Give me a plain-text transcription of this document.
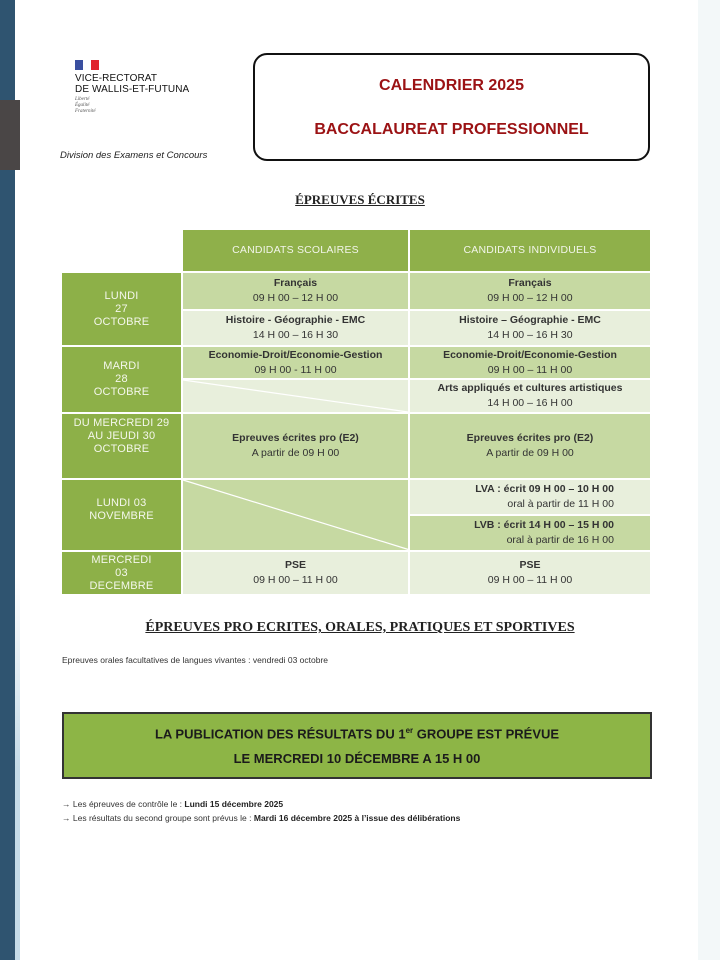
VICE-RECTORAT
DE WALLIS-ET-FUTUNA
Liberté
Égalité
Fraternité
Division des Examens et Concours
CALENDRIER 2025
BACCALAUREAT PROFESSIONNEL
ÉPREUVES ÉCRITES
CANDIDATS SCOLAIRES	CANDIDATS INDIVIDUELS
LUNDI
27
OCTOBRE
Français
09 H 00 – 12 H 00
Français
09 H 00 – 12 H 00
Histoire - Géographie - EMC
14 H 00 – 16 H 30
Histoire – Géographie - EMC
14 H 00 – 16 H 30
MARDI
28
OCTOBRE
Economie-Droit/Economie-Gestion
09 H 00 - 11 H 00
Economie-Droit/Economie-Gestion
09 H 00 – 11 H 00
Arts appliqués et cultures artistiques
14 H 00 – 16 H 00
DU MERCREDI 29
AU JEUDI 30
OCTOBRE
Epreuves écrites pro (E2)
A partir de 09 H 00
Epreuves écrites pro (E2)
A partir de 09 H 00
LUNDI 03
NOVEMBRE
LVA : écrit 09 H 00 – 10 H 00
oral à partir de 11 H 00
LVB : écrit 14 H 00 – 15 H 00
oral à partir de 16 H 00
MERCREDI
03
DECEMBRE
PSE
09 H 00 – 11 H 00
PSE
09 H 00 – 11 H 00
ÉPREUVES PRO ECRITES, ORALES, PRATIQUES ET SPORTIVES
Epreuves orales facultatives de langues vivantes : vendredi 03 octobre
LA PUBLICATION DES RÉSULTATS DU 1er GROUPE EST PRÉVUE
LE MERCREDI 10 DÉCEMBRE A 15 H 00
→ Les épreuves de contrôle le : Lundi 15 décembre 2025
→ Les résultats du second groupe sont prévus le : Mardi 16 décembre 2025 à l’issue des délibérations
